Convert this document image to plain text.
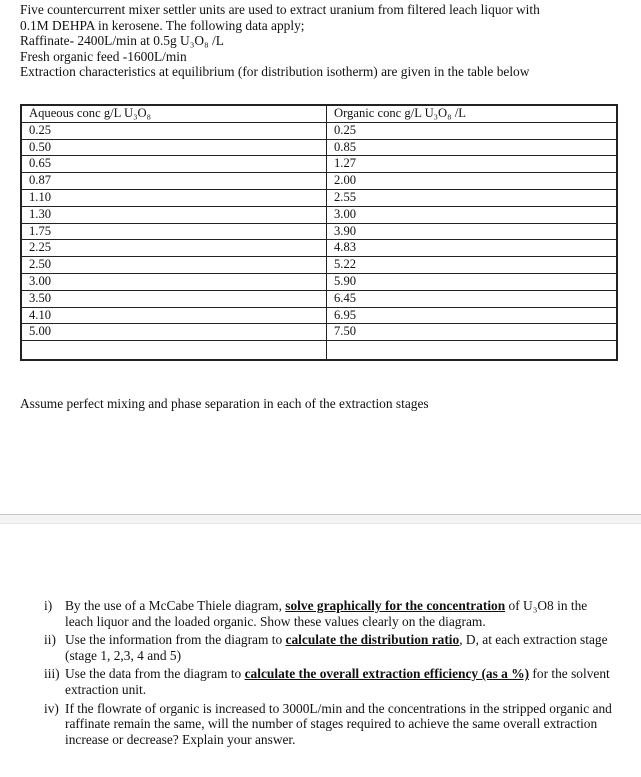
Five countercurrent mixer settler units are used to extract uranium from filtered leach liquor with
0.1M DEHPA in kerosene. The following data apply;
Raffinate- 2400L/min at 0.5g U₃O₈ /L
Fresh organic feed -1600L/min
Extraction characteristics at equilibrium (for distribution isotherm) are given in the table below
Aqueous conc g/L U₃O₈	Organic conc g/L U₃O₈ /L
0.25	0.25
0.50	0.85
0.65	1.27
0.87	2.00
1.10	2.55
1.30	3.00
1.75	3.90
2.25	4.83
2.50	5.22
3.00	5.90
3.50	6.45
4.10	6.95
5.00	7.50

Assume perfect mixing and phase separation in each of the extraction stages
i) By the use of a McCabe Thiele diagram, solve graphically for the concentration of U₃O8 in the leach liquor and the loaded organic. Show these values clearly on the diagram.
ii) Use the information from the diagram to calculate the distribution ratio, D, at each extraction stage (stage 1, 2,3, 4 and 5)
iii) Use the data from the diagram to calculate the overall extraction efficiency (as a %) for the solvent extraction unit.
iv) If the flowrate of organic is increased to 3000L/min and the concentrations in the stripped organic and raffinate remain the same, will the number of stages required to achieve the same overall extraction increase or decrease? Explain your answer.
